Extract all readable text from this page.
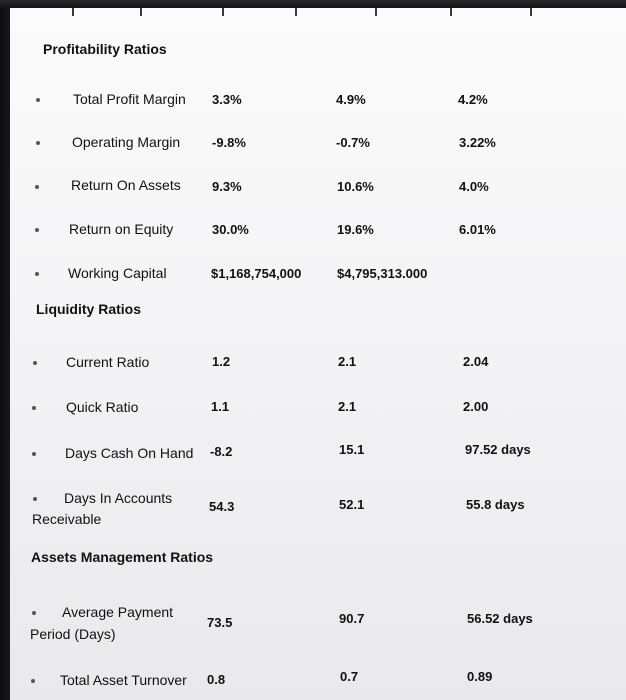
Profitability Ratios
Total Profit Margin 3.3%	4.9%	4.2%
Operating Margin -9.8%	-0.7%	3.22%
Return On Assets 9.3%	10.6%	4.0%
Return on Equity	30.0%	19.6%	6.01%
Working Capital	$1,168,754,000	$4,795,313.000
Liquidity Ratios
Current Ratio	1.2	2.1	2.04
Quick Ratio	1.1	2.1	2.00
Days Cash On Hand -8.2	15.1	97.52 days
Days In Accounts
Receivable
54.3	52.1	55.8 days
Assets Management Ratios
Average Payment
Period (Days)
73.5	90.7	56.52 days
Total Asset Turnover 0.8	0.7	0.89
